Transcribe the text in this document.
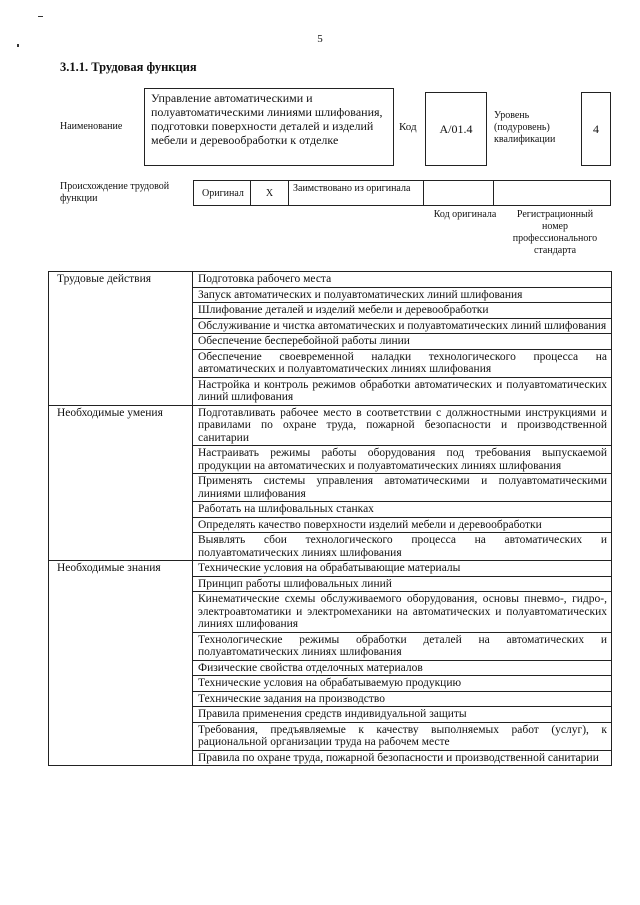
5
3.1.1. Трудовая функция
Наименование
Управление автоматическими и полуавтоматическими линиями шлифования, подготовки поверхности деталей и изделий мебели и деревообработки к отделке
Код	А/01.4
Уровень (подуровень) квалификации
4
Происхождение трудовой функции	Оригинал	Х	Заимствовано из оригинала
Код оригинала	Регистрационный номер профессионального стандарта
Трудовые действия	Подготовка рабочего места
	Запуск автоматических и полуавтоматических линий шлифования
	Шлифование деталей и изделий мебели и деревообработки
	Обслуживание и чистка автоматических и полуавтоматических линий шлифования
	Обеспечение бесперебойной работы линии
	Обеспечение своевременной наладки технологического процесса на автоматических и полуавтоматических линиях шлифования
	Настройка и контроль режимов обработки автоматических и полуавтоматических линий шлифования
Необходимые умения	Подготавливать рабочее место в соответствии с должностными инструкциями и правилами по охране труда, пожарной безопасности и производственной санитарии
	Настраивать режимы работы оборудования под требования выпускаемой продукции на автоматических и полуавтоматических линиях шлифования
	Применять системы управления автоматическими и полуавтоматическими линиями шлифования
	Работать на шлифовальных станках
	Определять качество поверхности изделий мебели и деревообработки
	Выявлять сбои технологического процесса на автоматических и полуавтоматических линиях шлифования
Необходимые знания	Технические условия на обрабатывающие материалы
	Принцип работы шлифовальных линий
	Кинематические схемы обслуживаемого оборудования, основы пневмо-, гидро-, электроавтоматики и электромеханики на автоматических и полуавтоматических линиях шлифования
	Технологические режимы обработки деталей на автоматических и полуавтоматических линиях шлифования
	Физические свойства отделочных материалов
	Технические условия на обрабатываемую продукцию
	Технические задания на производство
	Правила применения средств индивидуальной защиты
	Требования, предъявляемые к качеству выполняемых работ (услуг), к рациональной организации труда на рабочем месте
	Правила по охране труда, пожарной безопасности и производственной санитарии
